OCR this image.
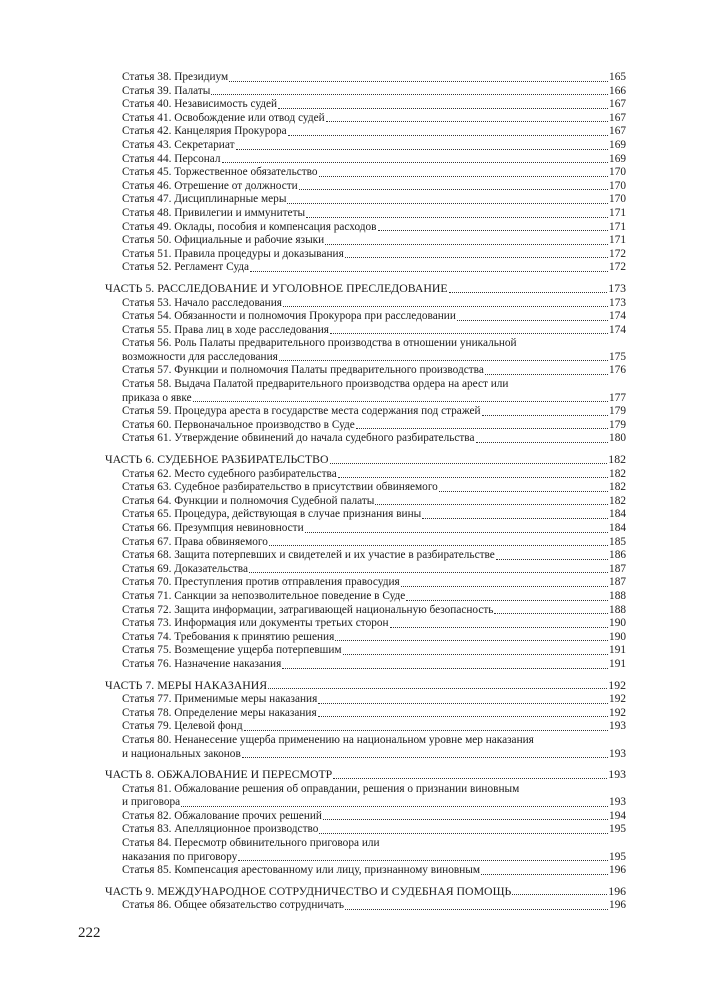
Статья 38. Президиум	165
Статья 39. Палаты	166
Статья 40. Независимость судей	167
Статья 41. Освобождение или отвод судей	167
Статья 42. Канцелярия Прокурора	167
Статья 43. Секретариат	169
Статья 44. Персонал	169
Статья 45. Торжественное обязательство	170
Статья 46. Отрешение от должности	170
Статья 47. Дисциплинарные меры	170
Статья 48. Привилегии и иммунитеты	171
Статья 49. Оклады, пособия и компенсация расходов	171
Статья 50. Официальные и рабочие языки	171
Статья 51. Правила процедуры и доказывания	172
Статья 52. Регламент Суда	172
ЧАСТЬ 5. РАССЛЕДОВАНИЕ И УГОЛОВНОЕ ПРЕСЛЕДОВАНИЕ	173
Статья 53. Начало расследования	173
Статья 54. Обязанности и полномочия Прокурора при расследовании	174
Статья 55. Права лиц в ходе расследования	174
Статья 56. Роль Палаты предварительного производства в отношении уникальной
возможности для расследования	175
Статья 57. Функции и полномочия Палаты предварительного производства	176
Статья 58. Выдача Палатой предварительного производства ордера на арест или
приказа о явке	177
Статья 59. Процедура ареста в государстве места содержания под стражей	179
Статья 60. Первоначальное производство в Суде	179
Статья 61. Утверждение обвинений до начала судебного разбирательства	180
ЧАСТЬ 6. СУДЕБНОЕ РАЗБИРАТЕЛЬСТВО	182
Статья 62. Место судебного разбирательства	182
Статья 63. Судебное разбирательство в присутствии обвиняемого	182
Статья 64. Функции и полномочия Судебной палаты	182
Статья 65. Процедура, действующая в случае признания вины	184
Статья 66. Презумпция невиновности	184
Статья 67. Права обвиняемого	185
Статья 68. Защита потерпевших и свидетелей и их участие в разбирательстве	186
Статья 69. Доказательства	187
Статья 70. Преступления против отправления правосудия	187
Статья 71. Санкции за непозволительное поведение в Суде	188
Статья 72. Защита информации, затрагивающей национальную безопасность	188
Статья 73. Информация или документы третьих сторон	190
Статья 74. Требования к принятию решения	190
Статья 75. Возмещение ущерба потерпевшим	191
Статья 76. Назначение наказания	191
ЧАСТЬ 7. МЕРЫ НАКАЗАНИЯ	192
Статья 77. Применимые меры наказания	192
Статья 78. Определение меры наказания	192
Статья 79. Целевой фонд	193
Статья 80. Ненанесение ущерба применению на национальном уровне мер наказания
и национальных законов	193
ЧАСТЬ 8. ОБЖАЛОВАНИЕ И ПЕРЕСМОТР	193
Статья 81. Обжалование решения об оправдании, решения о признании виновным
и приговора	193
Статья 82. Обжалование прочих решений	194
Статья 83. Апелляционное производство	195
Статья 84. Пересмотр обвинительного приговора или
наказания по приговору	195
Статья 85. Компенсация арестованному или лицу, признанному виновным	196
ЧАСТЬ 9. МЕЖДУНАРОДНОЕ СОТРУДНИЧЕСТВО И СУДЕБНАЯ ПОМОЩЬ	196
Статья 86. Общее обязательство сотрудничать	196
222
